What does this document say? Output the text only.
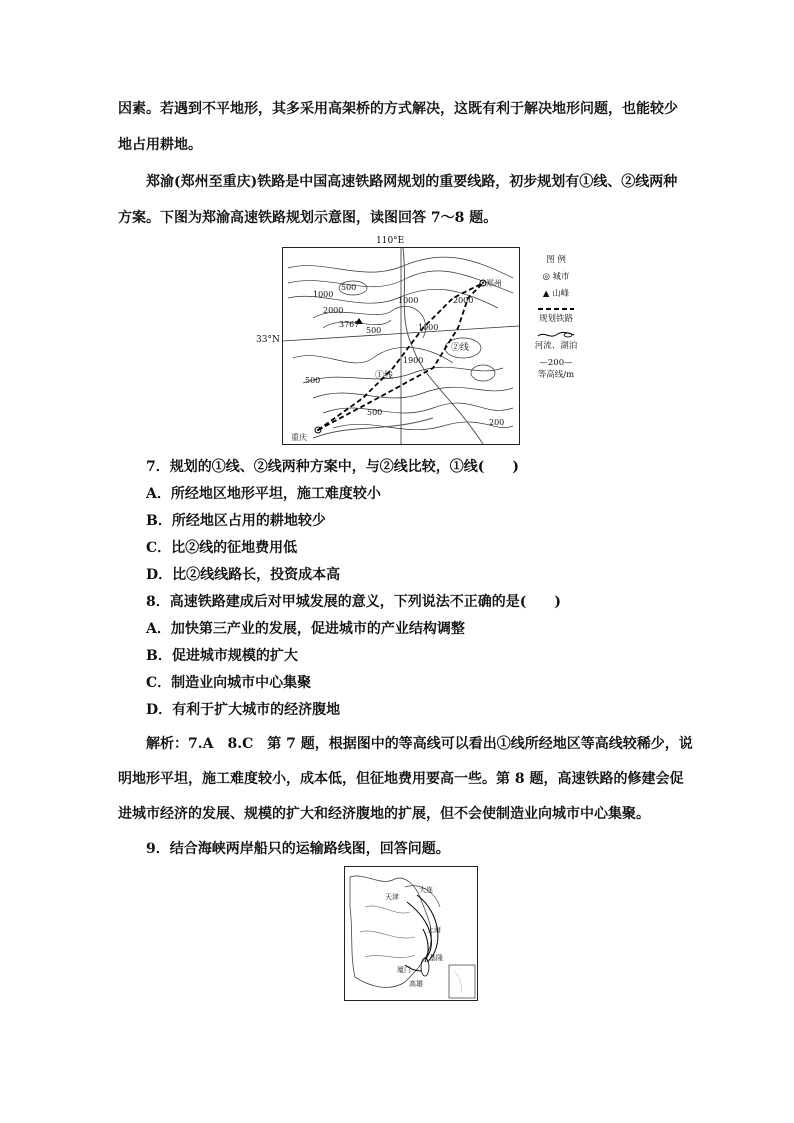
因素。若遇到不平地形，其多采用高架桥的方式解决，这既有利于解决地形问题，也能较少
地占用耕地。
郑渝(郑州至重庆)铁路是中国高速铁路网规划的重要线路，初步规划有①线、②线两种
方案。下图为郑渝高速铁路规划示意图，读图回答 7～8 题。
110°E
33°N
郑州
重庆
500
1000
2000
3767
1000
500
2000
1000
1900
500
500
200
①线
②线
图 例
◎ 城市
▲ 山峰
规划铁路
河流、湖泊
—200—
等高线/m
7．规划的①线、②线两种方案中，与②线比较，①线(　　)
A．所经地区地形平坦，施工难度较小
B．所经地区占用的耕地较少
C．比②线的征地费用低
D．比②线线路长，投资成本高
8．高速铁路建成后对甲城发展的意义，下列说法不正确的是(　　)
A．加快第三产业的发展，促进城市的产业结构调整
B．促进城市规模的扩大
C．制造业向城市中心集聚
D．有利于扩大城市的经济腹地
解析：7.A　8.C　第 7 题，根据图中的等高线可以看出①线所经地区等高线较稀少，说
明地形平坦，施工难度较小，成本低，但征地费用要高一些。第 8 题，高速铁路的修建会促
进城市经济的发展、规模的扩大和经济腹地的扩展，但不会使制造业向城市中心集聚。
9．结合海峡两岸船只的运输路线图，回答问题。
大连
天津
上海
厦门
基隆
高雄
